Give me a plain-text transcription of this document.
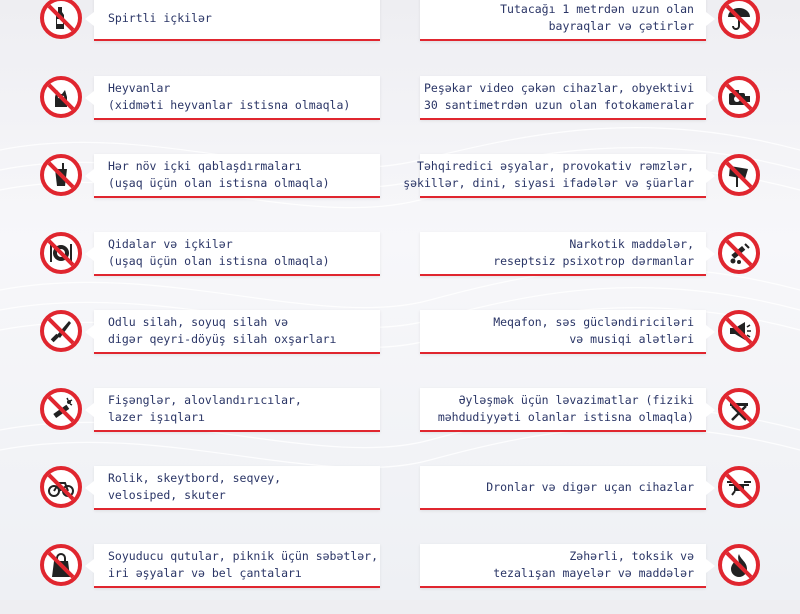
Spirtli içkilər
Heyvanlar
(xidməti heyvanlar istisna olmaqla)
Hər növ içki qablaşdırmaları
(uşaq üçün olan istisna olmaqla)
Qidalar və içkilər
(uşaq üçün olan istisna olmaqla)
Odlu silah, soyuq silah və
digər qeyri-döyüş silah oxşarları
Fişənglər, alovlandırıcılar,
lazer işıqları
Rolik, skeytbord, seqvey,
velosiped, skuter
Soyuducu qutular, piknik üçün səbətlər,
iri əşyalar və bel çantaları
Tutacağı 1 metrdən uzun olan
bayraqlar və çətirlər
Peşəkar video çəkən cihazlar, obyektivi
30 santimetrdən uzun olan fotokameralar
Təhqiredici əşyalar, provokativ rəmzlər,
şəkillər, dini, siyasi ifadələr və şüarlar
Narkotik maddələr,
reseptsiz psixotrop dərmanlar
Meqafon, səs gücləndiriciləri
və musiqi alətləri
Əyləşmək üçün ləvazimatlar (fiziki
məhdudiyyəti olanlar istisna olmaqla)
Dronlar və digər uçan cihazlar
Zəhərli, toksik və
tezalışan mayelər və maddələr
